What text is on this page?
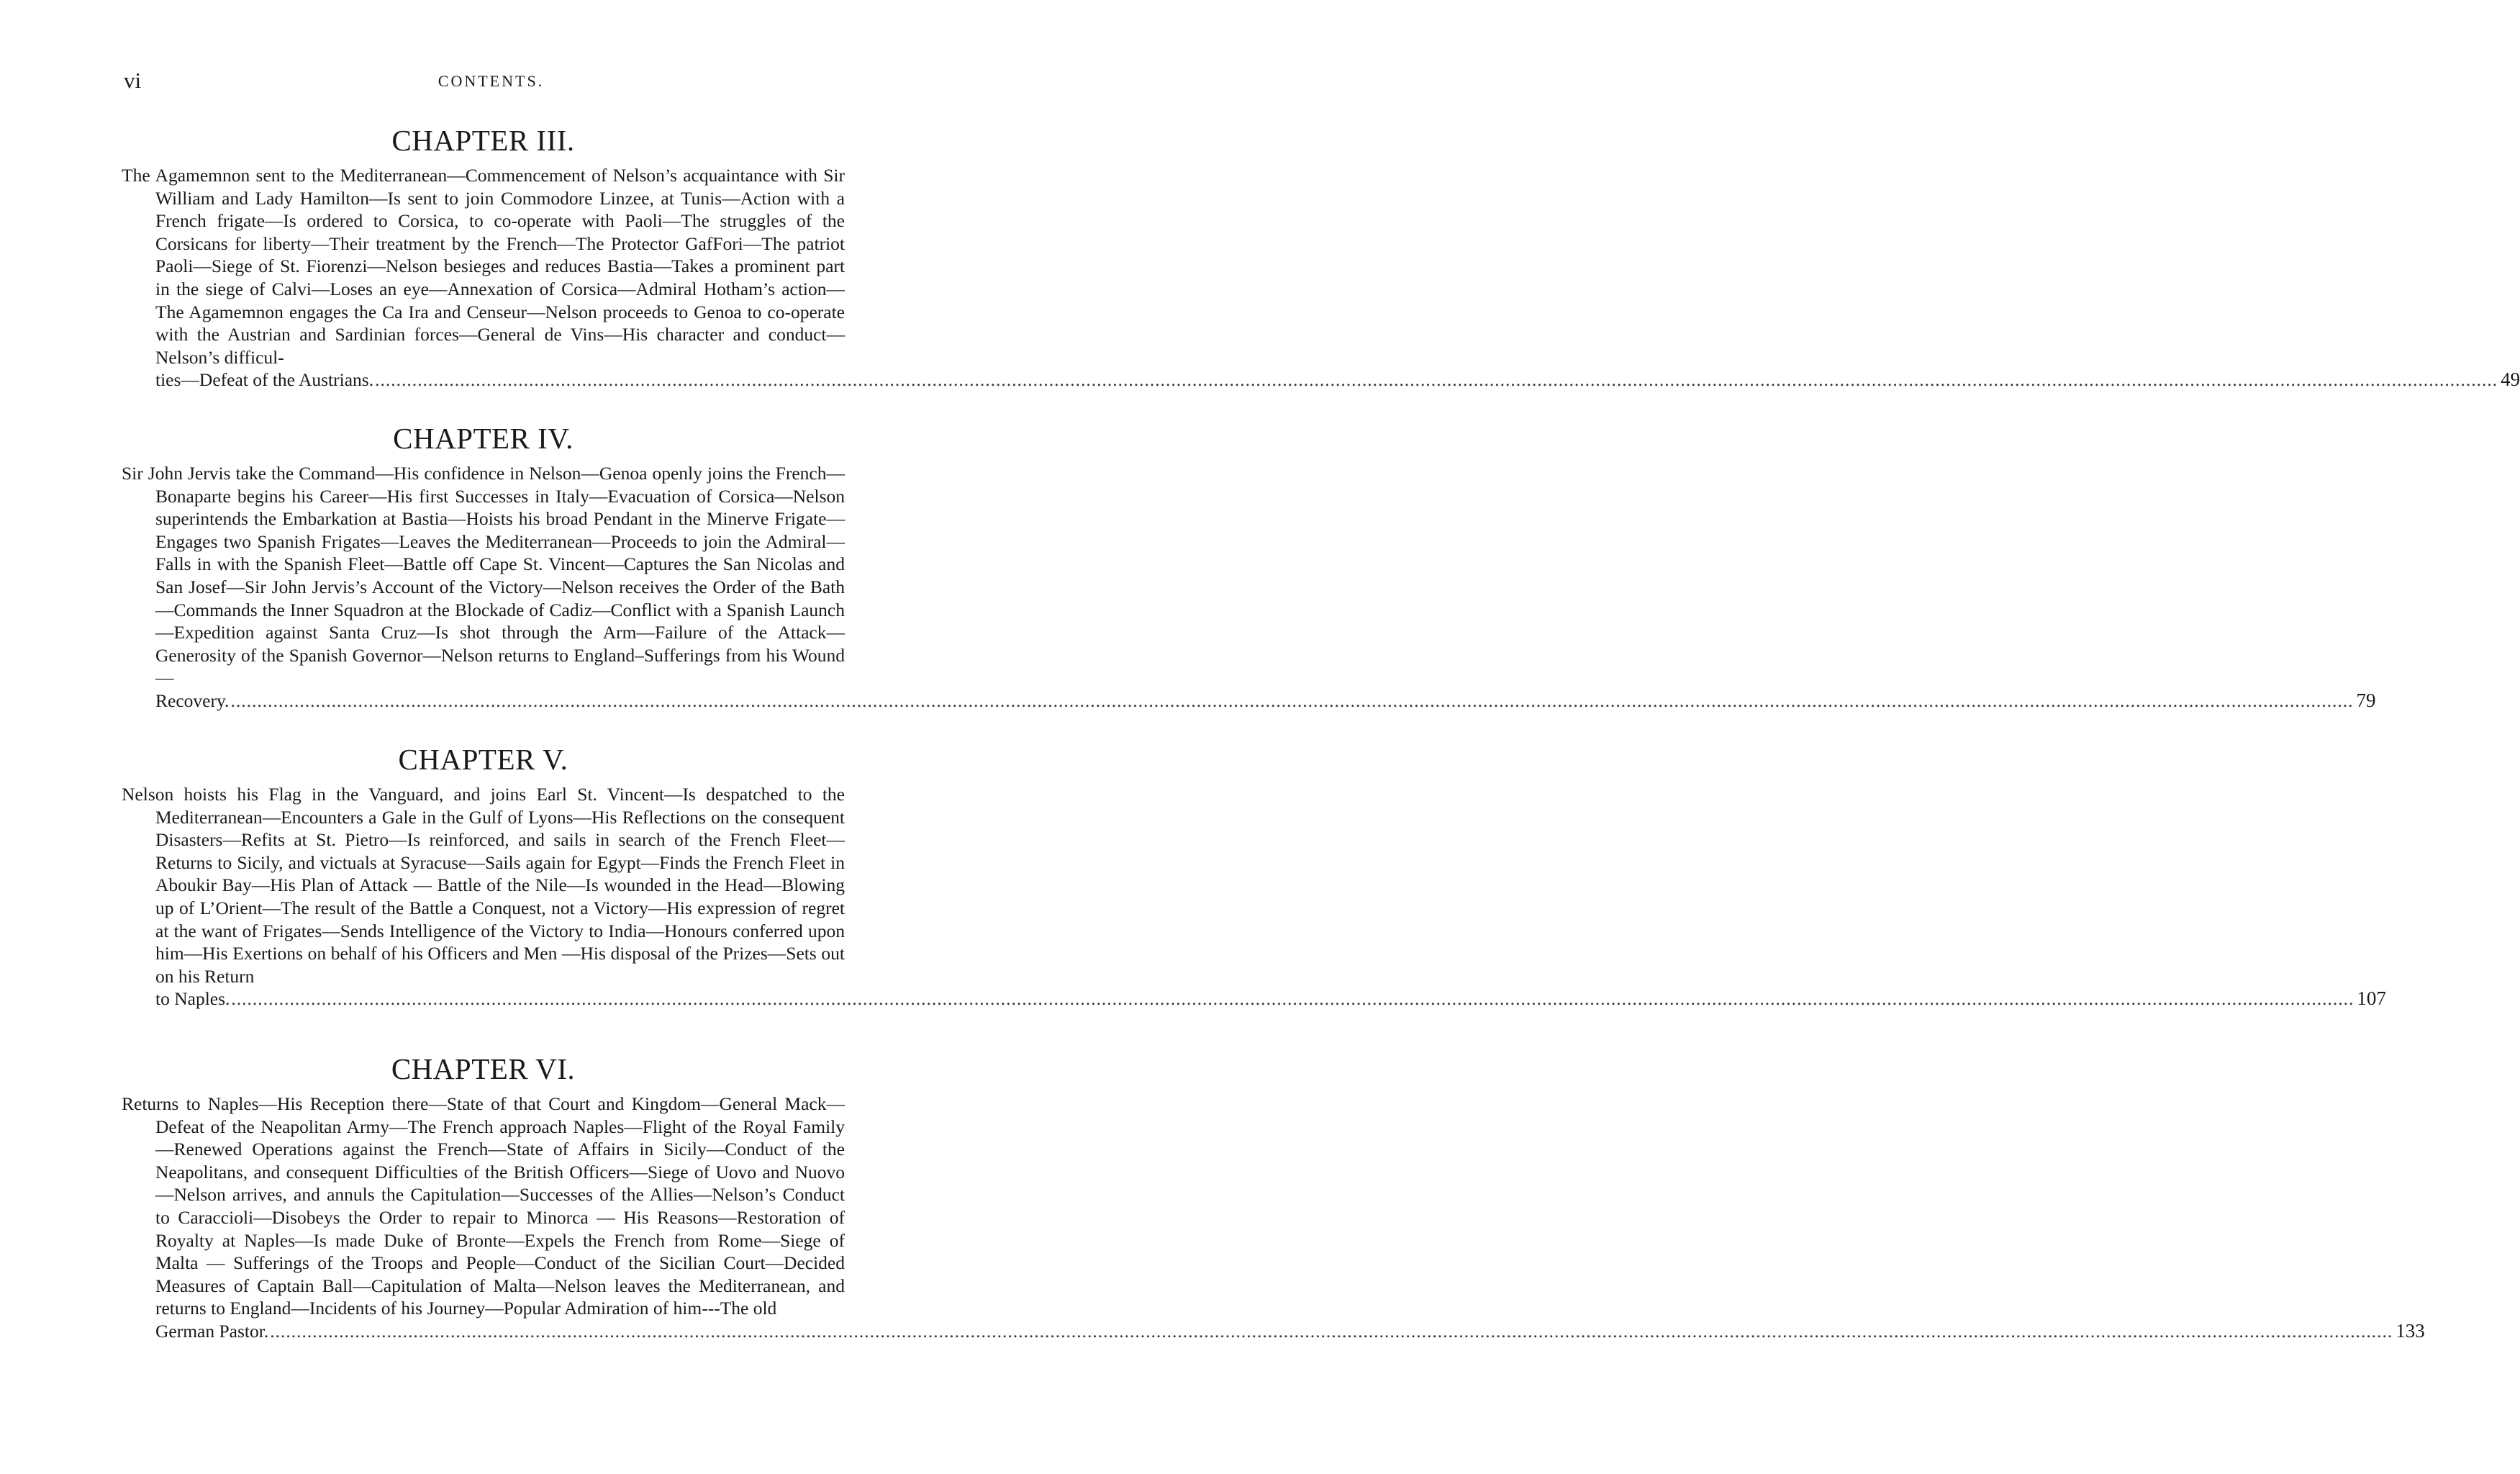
vi	CONTENTS.
CHAPTER III.
The Agamemnon sent to the Mediterranean—Commencement of Nelson’s acquaintance with Sir William and Lady Hamilton—Is sent to join Commodore Linzee, at Tunis—Action with a French frigate—Is ordered to Corsica, to co-operate with Paoli—The struggles of the Corsicans for liberty—Their treatment by the French—The Protector GafFori—The patriot Paoli—Siege of St. Fiorenzi—Nelson besieges and reduces Bastia—Takes a prominent part in the siege of Calvi—Loses an eye—Annexation of Corsica—Admiral Hotham’s action—The Agamemnon engages the Ca Ira and Censeur—Nelson proceeds to Genoa to co-operate with the Austrian and Sardinian forces—General de Vins—His character and conduct—Nelson’s difficul-
ties—Defeat of the Austrians. ................................................................................................................................................................................................................................................................................................................................................................................................................ 49
CHAPTER IV.
Sir John Jervis take the Command—His confidence in Nelson—Genoa openly joins the French—Bonaparte begins his Career—His first Successes in Italy—Evacuation of Corsica—Nelson superintends the Embarkation at Bastia—Hoists his broad Pendant in the Minerve Frigate—Engages two Spanish Frigates—Leaves the Mediterranean—Proceeds to join the Admiral—Falls in with the Spanish Fleet—Battle off Cape St. Vincent—Captures the San Nicolas and San Josef—Sir John Jervis’s Account of the Victory—Nelson receives the Order of the Bath—Commands the Inner Squadron at the Blockade of Cadiz—Conflict with a Spanish Launch—Expedition against Santa Cruz—Is shot through the Arm—Failure of the Attack—Generosity of the Spanish Governor—Nelson returns to England–Sufferings from his Wound—
Recovery. ................................................................................................................................................................................................................................................................................................................................................................................................................ 79
CHAPTER V.
Nelson hoists his Flag in the Vanguard, and joins Earl St. Vincent—Is despatched to the Mediterranean—Encounters a Gale in the Gulf of Lyons—His Reflections on the consequent Disasters—Refits at St. Pietro—Is reinforced, and sails in search of the French Fleet—Returns to Sicily, and victuals at Syracuse—Sails again for Egypt—Finds the French Fleet in Aboukir Bay—His Plan of Attack — Battle of the Nile—Is wounded in the Head—Blowing up of L’Orient—The result of the Battle a Conquest, not a Victory—His expression of regret at the want of Frigates—Sends Intelligence of the Victory to India—Honours conferred upon him—His Exertions on behalf of his Officers and Men —His disposal of the Prizes—Sets out on his Return
to Naples. ................................................................................................................................................................................................................................................................................................................................................................................................................ 107
CHAPTER VI.
Returns to Naples—His Reception there—State of that Court and Kingdom—General Mack—Defeat of the Neapolitan Army—The French approach Naples—Flight of the Royal Family—Renewed Operations against the French—State of Affairs in Sicily—Conduct of the Neapolitans, and consequent Difficulties of the British Officers—Siege of Uovo and Nuovo—Nelson arrives, and annuls the Capitulation—Successes of the Allies—Nelson’s Conduct to Caraccioli—Disobeys the Order to repair to Minorca — His Reasons—Restoration of Royalty at Naples—Is made Duke of Bronte—Expels the French from Rome—Siege of Malta — Sufferings of the Troops and People—Conduct of the Sicilian Court—Decided Measures of Captain Ball—Capitulation of Malta—Nelson leaves the Mediterranean, and returns to England—Incidents of his Journey—Popular Admiration of him---The old
German Pastor. ................................................................................................................................................................................................................................................................................................................................................................................................................ 133
